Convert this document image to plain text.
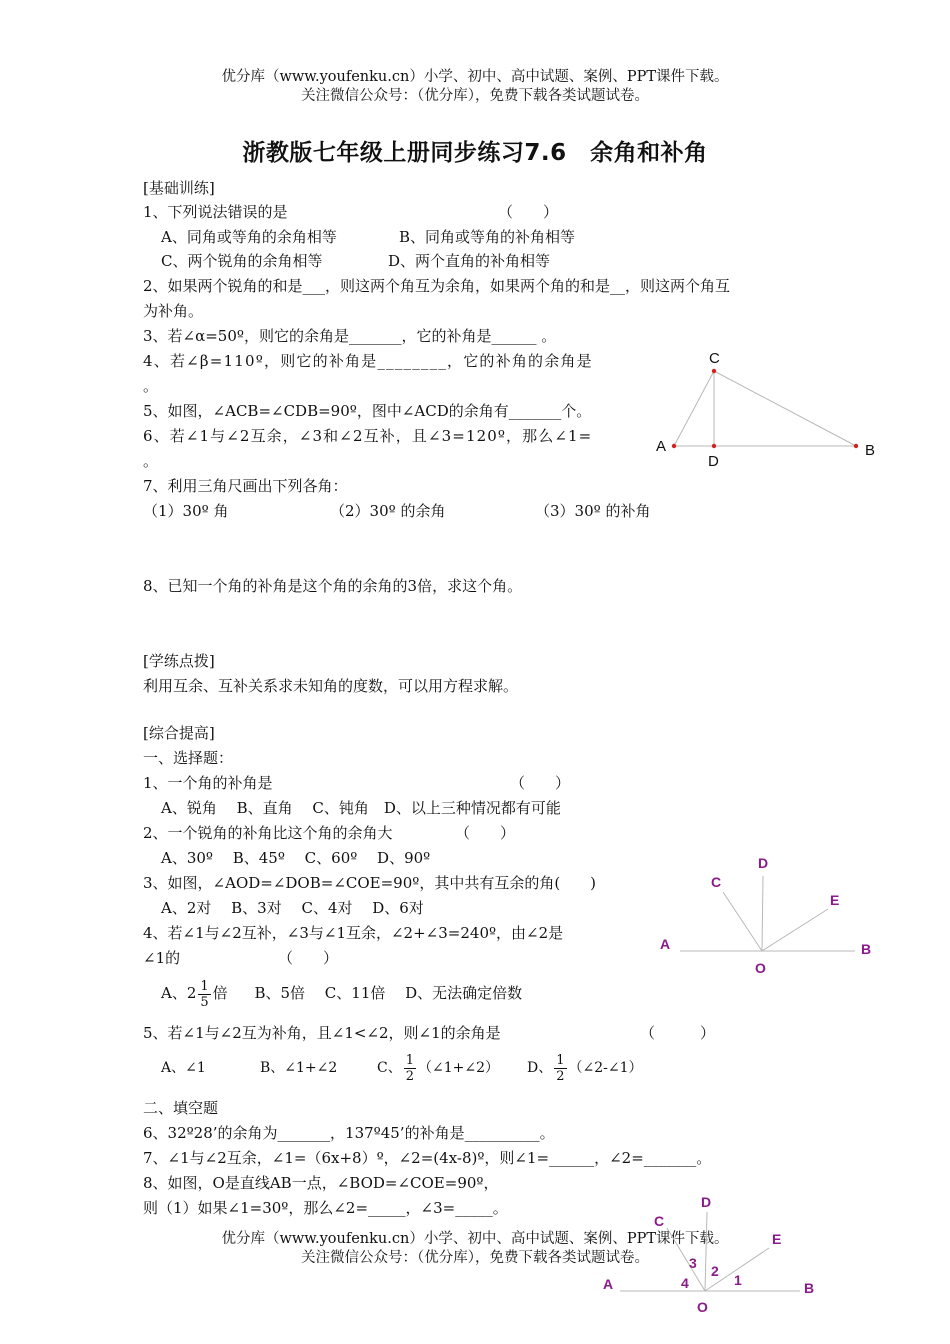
优分库（www.youfenku.cn）小学、初中、高中试题、案例、PPT课件下载。
关注微信公众号：（优分库），免费下载各类试题试卷。
浙教版七年级上册同步练习7.6　余角和补角
[基础训练]
1、下列说法错误的是	（　　）
A、同角或等角的余角相等	B、同角或等角的补角相等
C、两个锐角的余角相等	D、两个直角的补角相等
2、如果两个锐角的和是___，则这两个角互为余角，如果两个角的和是__，则这两个角互
为补角。
3、若∠α=50º，则它的余角是_______，它的补角是______ 。
4、若∠β=110º，则它的补角是________，它的补角的余角是
。
5、如图，∠ACB=∠CDB=90º，图中∠ACD的余角有_______个。
6、若∠1与∠2互余，∠3和∠2互补，且∠3=120º，那么∠1=
。
7、利用三角尺画出下列各角：
（1）30º 角	（2）30º 的余角	（3）30º 的补角
8、已知一个角的补角是这个角的余角的3倍，求这个角。
[学练点拨]
利用互余、互补关系求未知角的度数，可以用方程求解。
[综合提高]
一、选择题：
1、一个角的补角是	（　　）
A、锐角　 B、直角　 C、钝角　D、以上三种情况都有可能
2、一个锐角的补角比这个角的余角大	（　　）
A、30º　 B、45º　 C、60º　 D、90º
3、如图，∠AOD=∠DOB=∠COE=90º，其中共有互余的角(　　)
A、2对　 B、3对　 C、4对　 D、6对
4、若∠1与∠2互补，∠3与∠1互余，∠2+∠3=240º，由∠2是
∠1的	（　　）
A、$2 \frac{1}{5}$ 倍 B、5倍　 C、11倍　 D、无法确定倍数
5、若∠1与∠2互为补角，且∠1<∠2，则∠1的余角是	（　　　）
A、∠1	B、∠1+∠2	C、 $\frac{1}{2}$ （∠1+∠2） D、 $\frac{1}{2}$ （∠2-∠1）
二、填空题
6、32º28’的余角为_______，137º45’的补角是__________。
7、∠1与∠2互余，∠1=（6x+8）º，∠2=(4x-8)º，则∠1=______，∠2=_______。
8、如图，O是直线AB一点，∠BOD=∠COE=90º，
则（1）如果∠1=30º，那么∠2=_____，∠3=_____。
优分库（www.youfenku.cn）小学、初中、高中试题、案例、PPT课件下载。
关注微信公众号：（优分库），免费下载各类试题试卷。
A
C
D
B
A	B
C
D
E
O
A	B
C
D
E
O
1
2
3
4
